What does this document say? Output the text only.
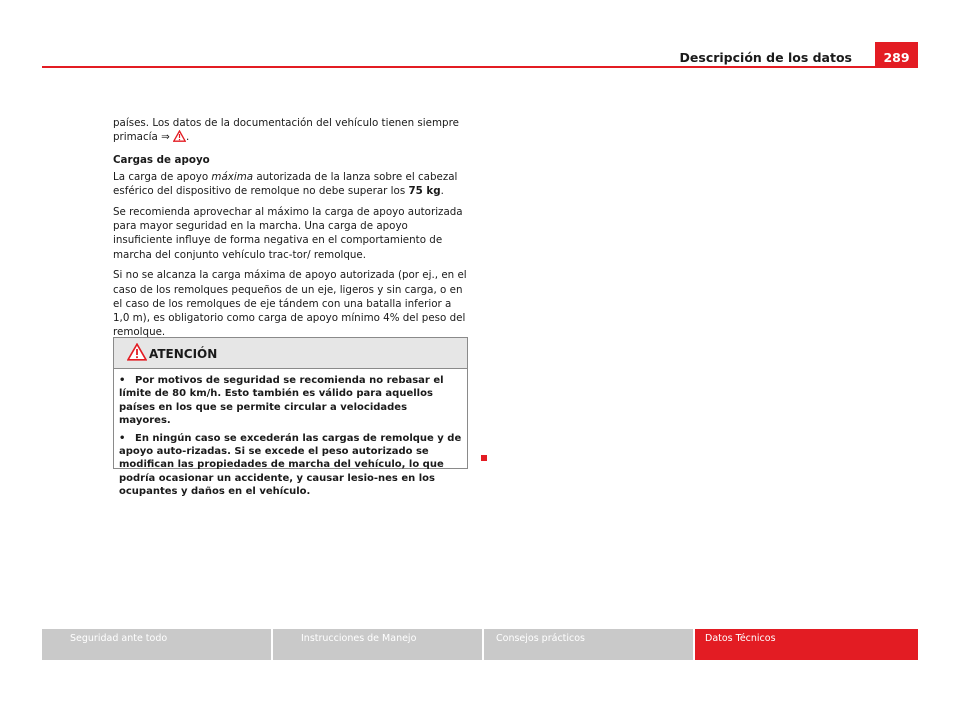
Descripción de los datos	289

países. Los datos de la documentación del vehículo tienen siempre primacía ⇒ .

Cargas de apoyo

La carga de apoyo máxima autorizada de la lanza sobre el cabezal esférico del dispositivo de remolque no debe superar los 75 kg.

Se recomienda aprovechar al máximo la carga de apoyo autorizada para mayor seguridad en la marcha. Una carga de apoyo insuficiente influye de forma negativa en el comportamiento de marcha del conjunto vehículo trac-tor/ remolque.

Si no se alcanza la carga máxima de apoyo autorizada (por ej., en el caso de los remolques pequeños de un eje, ligeros y sin carga, o en el caso de los remolques de eje tándem con una batalla inferior a 1,0 m), es obligatorio como carga de apoyo mínimo 4% del peso del remolque.

ATENCIÓN
• Por motivos de seguridad se recomienda no rebasar el límite de 80 km/h. Esto también es válido para aquellos países en los que se permite circular a velocidades mayores.
• En ningún caso se excederán las cargas de remolque y de apoyo auto-rizadas. Si se excede el peso autorizado se modifican las propiedades de marcha del vehículo, lo que podría ocasionar un accidente, y causar lesio-nes en los ocupantes y daños en el vehículo.
Seguridad ante todo	Instrucciones de Manejo	Consejos prácticos	Datos Técnicos
